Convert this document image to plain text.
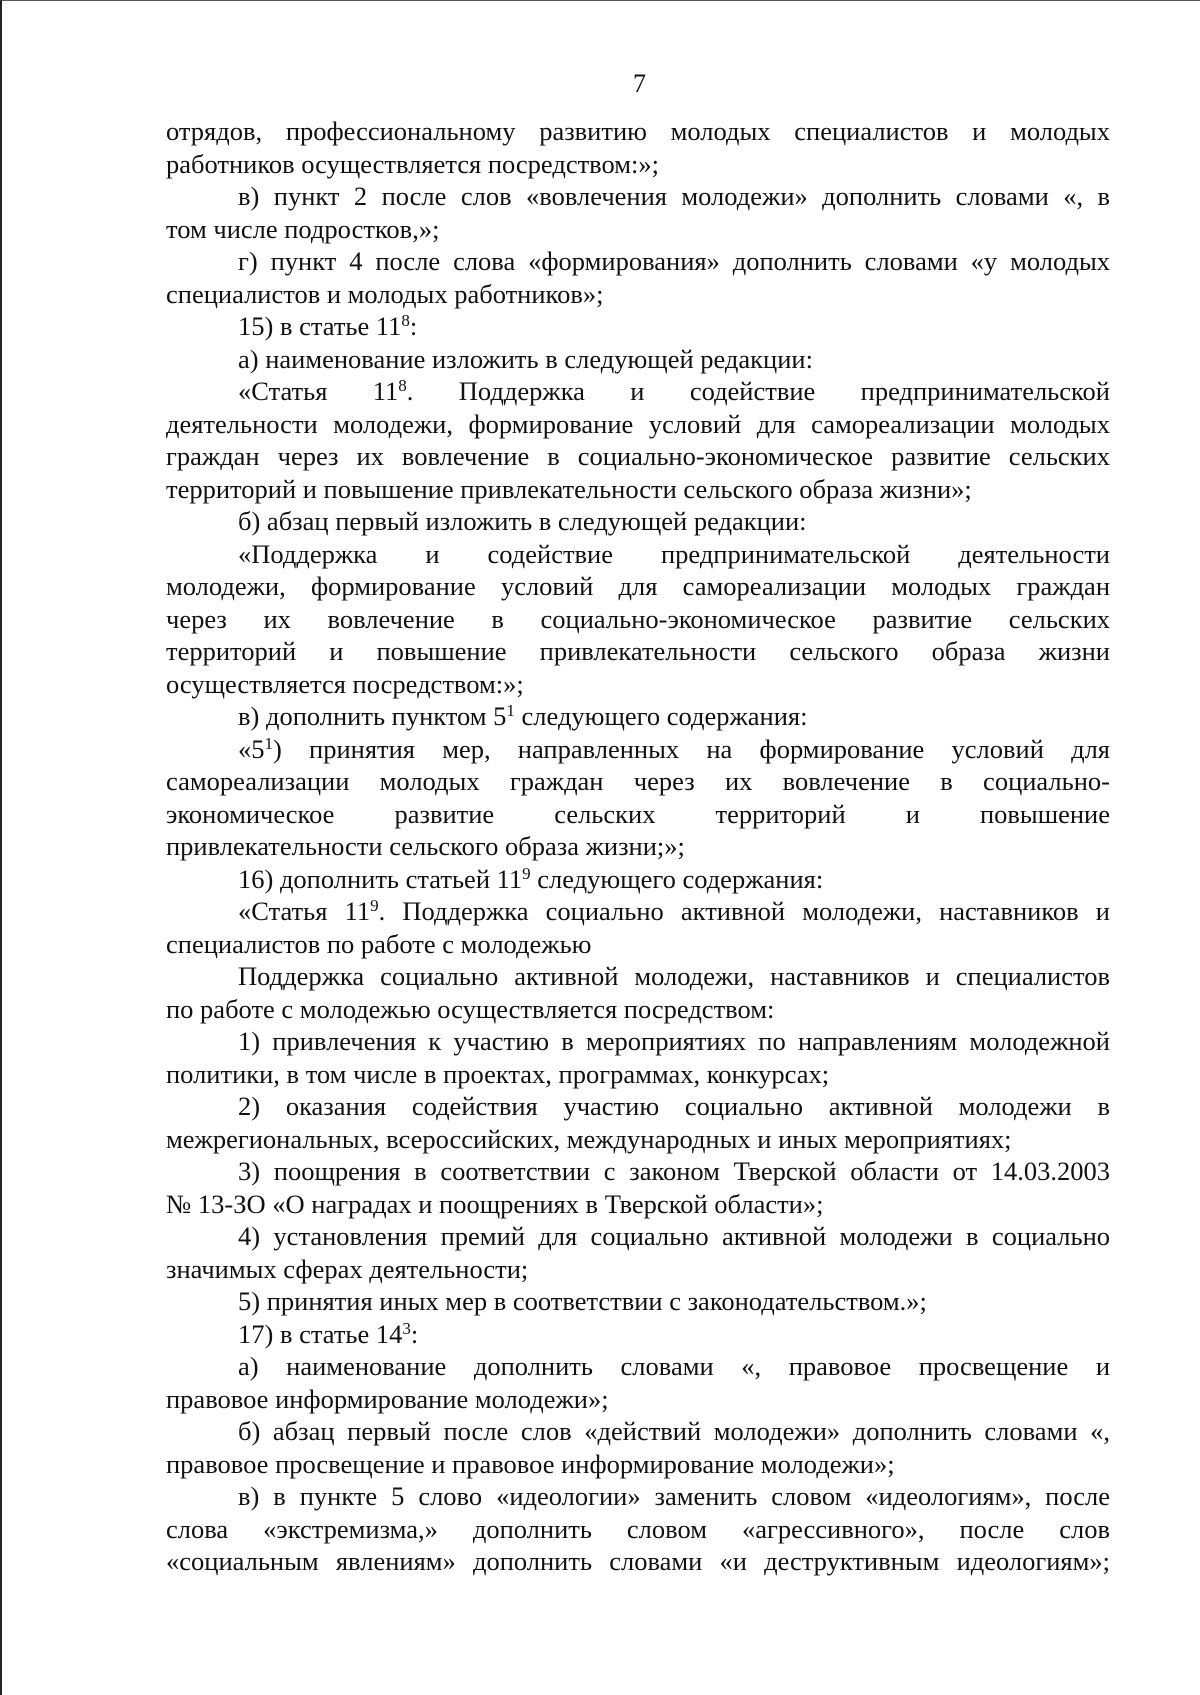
7

отрядов, профессиональному развитию молодых специалистов и молодых

работников осуществляется посредством:»;

в) пункт 2 после слов «вовлечения молодежи» дополнить словами «, в

том числе подростков,»;

г) пункт 4 после слова «формирования» дополнить словами «у молодых

специалистов и молодых работников»;

15) в статье $11^8$:

а) наименование изложить в следующей редакции:

«Статья $11^8$. Поддержка и содействие предпринимательской

деятельности молодежи, формирование условий для самореализации молодых

граждан через их вовлечение в социально-экономическое развитие сельских

территорий и повышение привлекательности сельского образа жизни»;

б) абзац первый изложить в следующей редакции:

«Поддержка и содействие предпринимательской деятельности

молодежи, формирование условий для самореализации молодых граждан

через их вовлечение в социально-экономическое развитие сельских

территорий и повышение привлекательности сельского образа жизни

осуществляется посредством:»;

в) дополнить пунктом $5^1$ следующего содержания:

«$5^1$) принятия мер, направленных на формирование условий для

самореализации молодых граждан через их вовлечение в социально-

экономическое развитие сельских территорий и повышение

привлекательности сельского образа жизни;»;

16) дополнить статьей $11^9$ следующего содержания:

«Статья $11^9$. Поддержка социально активной молодежи, наставников и

специалистов по работе с молодежью

Поддержка социально активной молодежи, наставников и специалистов

по работе с молодежью осуществляется посредством:

1) привлечения к участию в мероприятиях по направлениям молодежной

политики, в том числе в проектах, программах, конкурсах;

2) оказания содействия участию социально активной молодежи в

межрегиональных, всероссийских, международных и иных мероприятиях;

3) поощрения в соответствии с законом Тверской области от 14.03.2003

№ 13-ЗО «О наградах и поощрениях в Тверской области»;

4) установления премий для социально активной молодежи в социально

значимых сферах деятельности;

5) принятия иных мер в соответствии с законодательством.»;

17) в статье $14^3$:

а) наименование дополнить словами «, правовое просвещение и

правовое информирование молодежи»;

б) абзац первый после слов «действий молодежи» дополнить словами «,

правовое просвещение и правовое информирование молодежи»;

в) в пункте 5 слово «идеологии» заменить словом «идеологиям», после

слова «экстремизма,» дополнить словом «агрессивного», после слов

«социальным явлениям» дополнить словами «и деструктивным идеологиям»;
